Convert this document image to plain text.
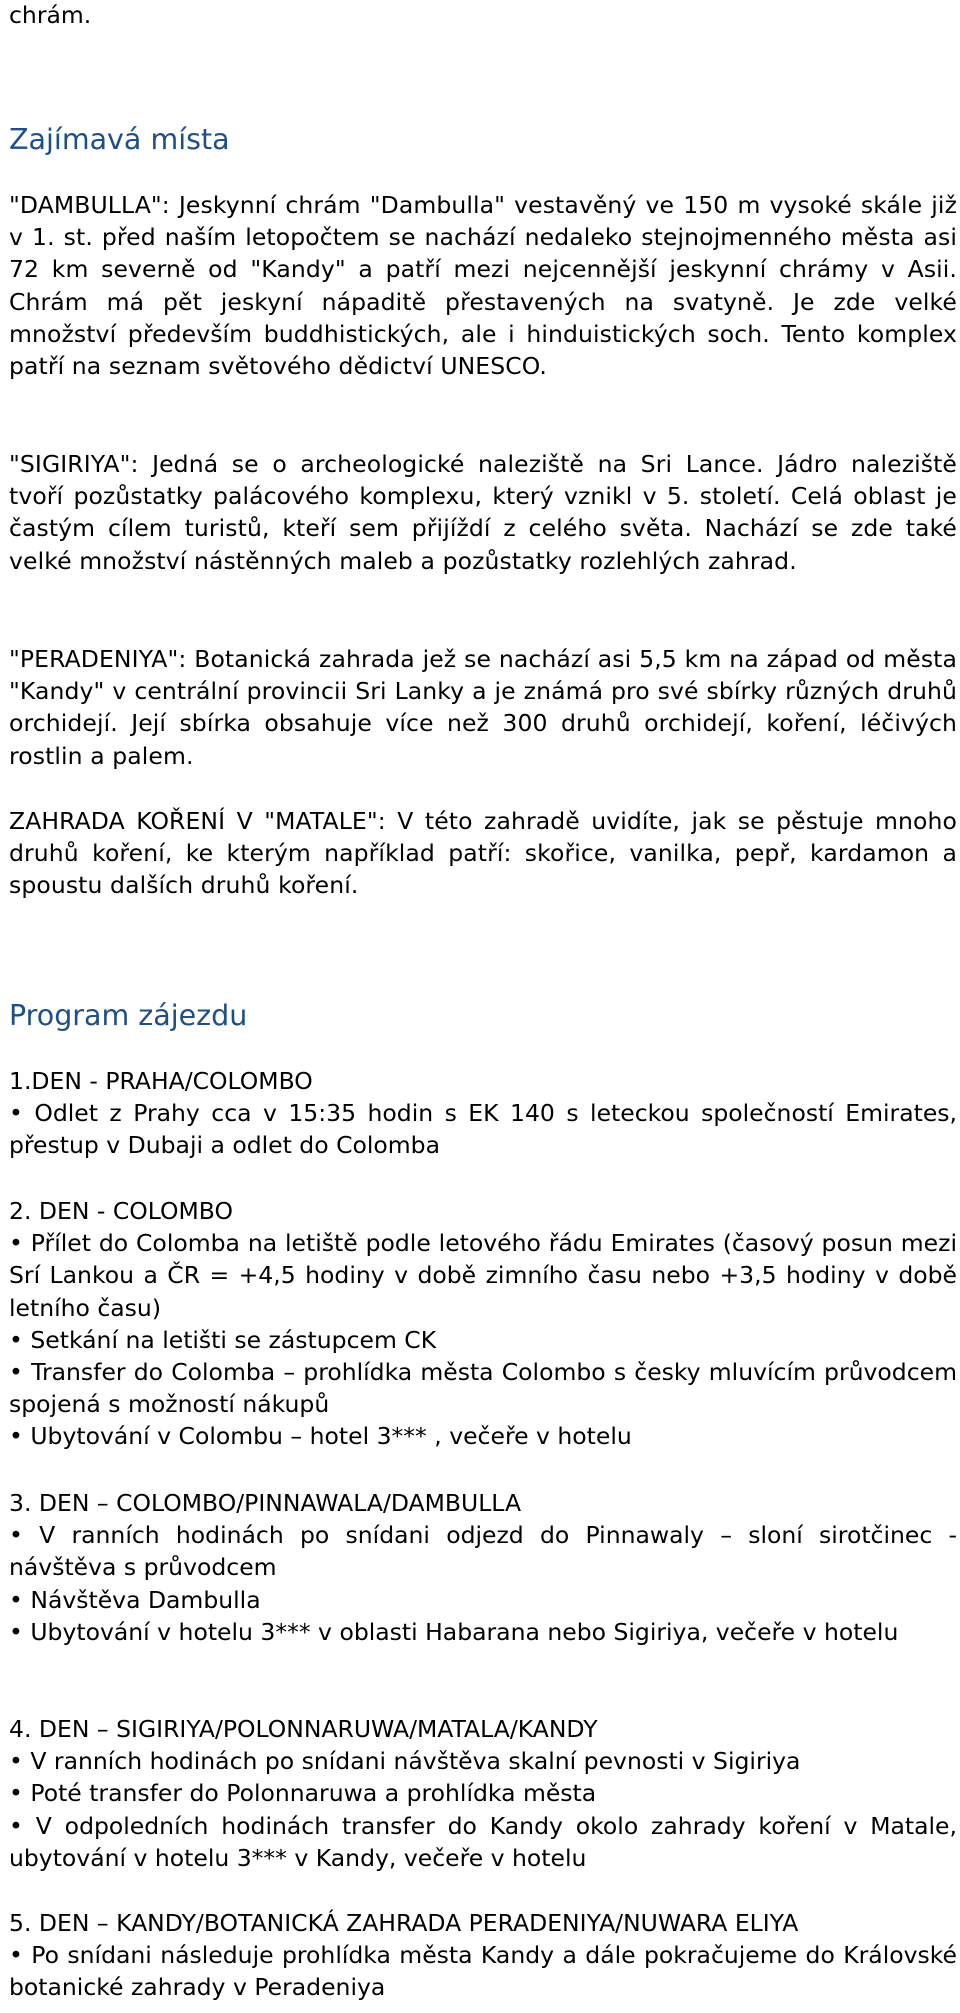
chrám.

Zajímavá místa

"DAMBULLA": Jeskynní chrám "Dambulla" vestavěný ve 150 m vysoké skále již v 1. st. před naším letopočtem se nachází nedaleko stejnojmenného města asi 72 km severně od "Kandy" a patří mezi nejcennější jeskynní chrámy v Asii. Chrám má pět jeskyní nápaditě přestavených na svatyně. Je zde velké množství především buddhistických, ale i hinduistických soch. Tento komplex patří na seznam světového dědictví UNESCO.

"SIGIRIYA": Jedná se o archeologické naleziště na Sri Lance. Jádro naleziště tvoří pozůstatky palácového komplexu, který vznikl v 5. století. Celá oblast je častým cílem turistů, kteří sem přijíždí z celého světa. Nachází se zde také velké množství nástěnných maleb a pozůstatky rozlehlých zahrad.

"PERADENIYA": Botanická zahrada jež se nachází asi 5,5 km na západ od města "Kandy" v centrální provincii Sri Lanky a je známá pro své sbírky různých druhů orchidejí. Její sbírka obsahuje více než 300 druhů orchidejí, koření, léčivých rostlin a palem.

ZAHRADA KOŘENÍ V "MATALE": V této zahradě uvidíte, jak se pěstuje mnoho druhů koření, ke kterým například patří: skořice, vanilka, pepř, kardamon a spoustu dalších druhů koření.

Program zájezdu
1.DEN - PRAHA/COLOMBO
• Odlet z Prahy cca v 15:35 hodin s EK 140 s leteckou společností Emirates, přestup v Dubaji a odlet do Colomba
2. DEN - COLOMBO
• Přílet do Colomba na letiště podle letového řádu Emirates (časový posun mezi Srí Lankou a ČR = +4,5 hodiny v době zimního času nebo +3,5 hodiny v době letního času)
• Setkání na letišti se zástupcem CK
• Transfer do Colomba – prohlídka města Colombo s česky mluvícím průvodcem spojená s možností nákupů
• Ubytování v Colombu – hotel 3*** , večeře v hotelu
3. DEN – COLOMBO/PINNAWALA/DAMBULLA
• V ranních hodinách po snídani odjezd do Pinnawaly – sloní sirotčinec - návštěva s průvodcem
• Návštěva Dambulla
• Ubytování v hotelu 3*** v oblasti Habarana nebo Sigiriya, večeře v hotelu
4. DEN – SIGIRIYA/POLONNARUWA/MATALA/KANDY
• V ranních hodinách po snídani návštěva skalní pevnosti v Sigiriya
• Poté transfer do Polonnaruwa a prohlídka města
• V odpoledních hodinách transfer do Kandy okolo zahrady koření v Matale, ubytování v hotelu 3*** v Kandy, večeře v hotelu
5. DEN – KANDY/BOTANICKÁ ZAHRADA PERADENIYA/NUWARA ELIYA
• Po snídani následuje prohlídka města Kandy a dále pokračujeme do Královské botanické zahrady v Peradeniya
